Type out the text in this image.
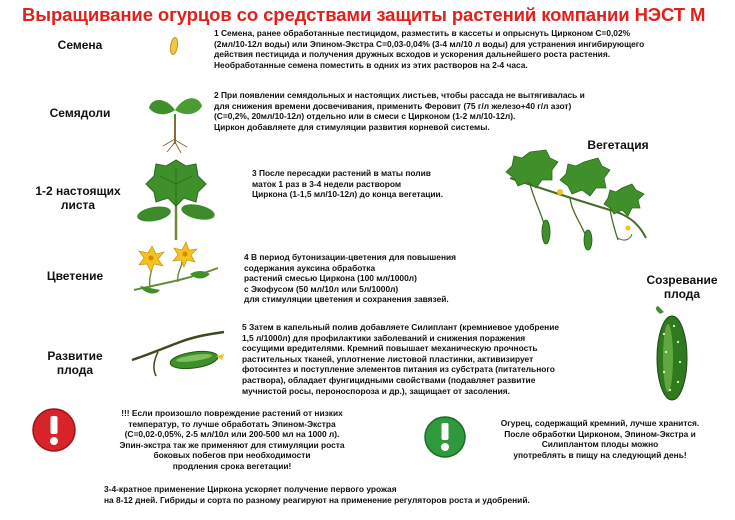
Выращивание огурцов со средствами защиты растений компании НЭСТ М
Семена
Семядоли
1-2 настоящих
листа
Цветение
Развитие
плода
Вегетация
Созревание
плода
1 Семена, ранее обработанные пестицидом, разместить в кассеты и опрыснуть Цирконом С=0,02%
(2мл/10-12л воды) или Эпином-Экстра С=0,03-0,04% (3-4 мл/10 л воды) для устранения ингибирующего
действия пестицида и получения дружных всходов и ускорения дальнейшего роста растения.
Необработанные семена поместить в одних из этих растворов на 2-4 часа.
2 При появлении семядольных и настоящих листьев, чтобы рассада не вытягивалась и
для снижения времени досвечивания, применить Феровит (75 г/л железо+40 г/л азот)
(С=0,2%, 20мл/10-12л) отдельно или в смеси с Цирконом (1-2 мл/10-12л).
Циркон добавляете для стимуляции развития корневой системы.
3 После пересадки растений в маты полив
маток 1 раз в 3-4 недели раствором
Циркона (1-1,5 мл/10-12л) до конца вегетации.
4 В период бутонизации-цветения для повышения
содержания ауксина обработка
растений смесью Циркона (100 мл/1000л)
с Экофусом (50 мл/10л или 5л/1000л)
для стимуляции цветения и сохранения завязей.
5 Затем в капельный полив добавляете Силиплант (кремниевое удобрение
1,5 л/1000л) для профилактики заболеваний и снижения поражения
сосущими вредителями. Кремний повышает механическую прочность
растительных тканей, уплотнение листовой пластинки, активизирует
фотосинтез и поступление элементов питания из субстрата (питательного
раствора), обладает фунгицидными свойствами (подавляет развитие
мучнистой росы, пероноспороза и др.), защищает от засоления.
!!! Если произошло повреждение растений от низких
температур, то лучше обработать Эпином-Экстра
(С=0,02-0,05%, 2-5 мл/10л или 200-500 мл на 1000 л).
Эпин-экстра так же применяют для стимуляции роста
боковых побегов при необходимости
продления срока вегетации!
Огурец, содержащий кремний, лучше хранится.
После обработки Цирконом, Эпином-Экстра и
Силиплантом плоды можно
употреблять в пищу на следующий день!
3-4-кратное применение Циркона ускоряет получение первого урожая
на 8-12 дней. Гибриды и сорта по разному реагируют на применение регуляторов роста и удобрений.
